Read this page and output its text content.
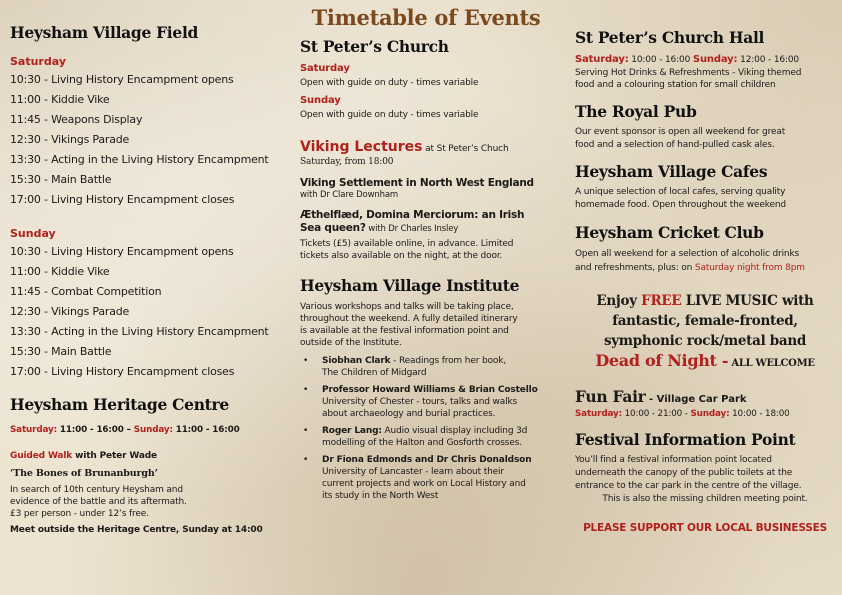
Timetable of Events
Heysham Village Field
Saturday
10:30 - Living History Encampment opens
11:00 - Kiddie Vike
11:45 - Weapons Display
12:30 - Vikings Parade
13:30 - Acting in the Living History Encampment
15:30 - Main Battle
17:00 - Living History Encampment closes
Sunday
10:30 - Living History Encampment opens
11:00 - Kiddie Vike
11:45 - Combat Competition
12:30 - Vikings Parade
13:30 - Acting in the Living History Encampment
15:30 - Main Battle
17:00 - Living History Encampment closes
Heysham Heritage Centre
Saturday: 11:00 - 16:00 – Sunday: 11:00 - 16:00
Guided Walk with Peter Wade
‘The Bones of Brunanburgh’
In search of 10th century Heysham and
evidence of the battle and its aftermath.
£3 per person - under 12’s free.
Meet outside the Heritage Centre, Sunday at 14:00
St Peter’s Church
Saturday
Open with guide on duty - times variable
Sunday
Open with guide on duty - times variable
Viking Lectures at St Peter’s Chuch
Saturday, from 18:00
Viking Settlement in North West England
with Dr Clare Downham
Æthelflæd, Domina Merciorum: an Irish
Sea queen? with Dr Charles Insley
Tickets (£5) available online, in advance. Limited
tickets also available on the night, at the door.
Heysham Village Institute
Various workshops and talks will be taking place,
throughout the weekend. A fully detailed itinerary
is available at the festival information point and
outside of the Institute.
• Siobhan Clark - Readings from her book,
The Children of Midgard
• Professor Howard Williams & Brian Costello
University of Chester - tours, talks and walks
about archaeology and burial practices.
• Roger Lang: Audio visual display including 3d
modelling of the Halton and Gosforth crosses.
• Dr Fiona Edmonds and Dr Chris Donaldson
University of Lancaster - learn about their
current projects and work on Local History and
its study in the North West
St Peter’s Church Hall
Saturday: 10:00 - 16:00 Sunday: 12:00 - 16:00
Serving Hot Drinks & Refreshments - Viking themed
food and a colouring station for small children
The Royal Pub
Our event sponsor is open all weekend for great
food and a selection of hand-pulled cask ales.
Heysham Village Cafes
A unique selection of local cafes, serving quality
homemade food. Open throughout the weekend
Heysham Cricket Club
Open all weekend for a selection of alcoholic drinks
and refreshments, plus: on Saturday night from 8pm
Enjoy FREE LIVE MUSIC with
fantastic, female-fronted,
symphonic rock/metal band
Dead of Night - ALL WELCOME
Fun Fair - Village Car Park
Saturday: 10:00 - 21:00 - Sunday: 10:00 - 18:00
Festival Information Point
You’ll find a festival information point located
underneath the canopy of the public toilets at the
entrance to the car park in the centre of the village.
This is also the missing children meeting point.
PLEASE SUPPORT OUR LOCAL BUSINESSES
